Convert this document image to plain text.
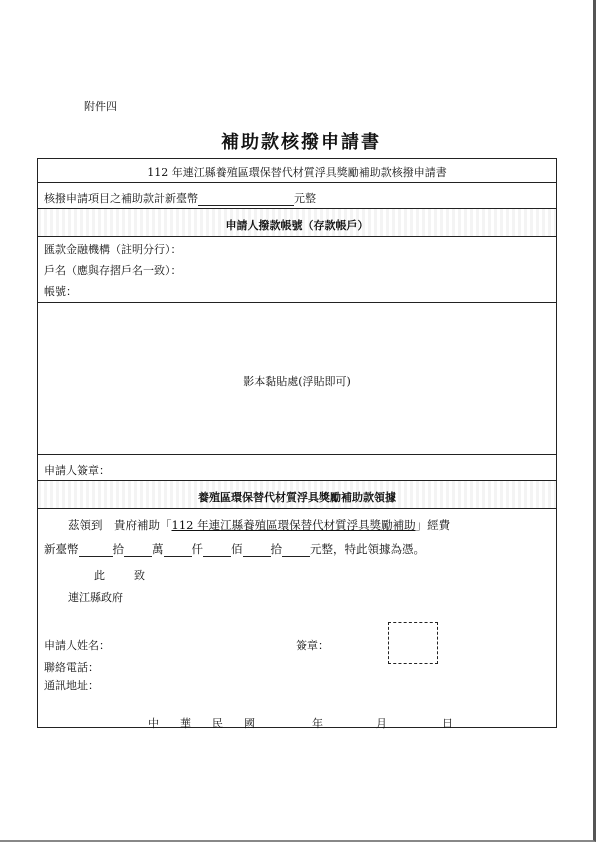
附件四
補助款核撥申請書
112 年連江縣養殖區環保替代材質浮具獎勵補助款核撥申請書
核撥申請項目之補助款計新臺幣	元整
申請人撥款帳號（存款帳戶）
匯款金融機構（註明分行）：
戶名（應與存摺戶名一致）：
帳號：
影本黏貼處(浮貼即可)
申請人簽章：
養殖區環保替代材質浮具獎勵補助款領據
茲領到　貴府補助「112 年連江縣養殖區環保替代材質浮具獎勵補助」經費
新臺幣	拾 萬 仟 佰 拾 元整，特此領據為憑。
此	致
連江縣政府
申請人姓名：	簽章：
聯絡電話：
通訊地址：
中 華 民 國	年	月	日
